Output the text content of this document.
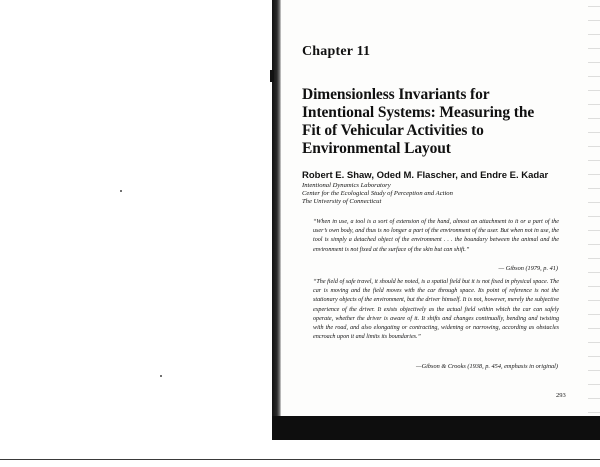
Chapter 11
Dimensionless Invariants for
Intentional Systems: Measuring the
Fit of Vehicular Activities to
Environmental Layout
Robert E. Shaw, Oded M. Flascher, and Endre E. Kadar
Intentional Dynamics Laboratory
Center for the Ecological Study of Perception and Action
The University of Connecticut
“When in use, a tool is a sort of extension of the hand, almost an attachment to it or a part of the user’s own body, and thus is no longer a part of the environment of the user. But when not in use, the tool is simply a detached object of the environment . . . the boundary between the animal and the environment is not fixed at the surface of the skin but can shift.”
— Gibson (1979, p. 41)
“The field of safe travel, it should be noted, is a spatial field but it is not fixed in physical space. The car is moving and the field moves with the car through space. Its point of reference is not the stationary objects of the environment, but the driver himself. It is not, however, merely the subjective experience of the driver. It exists objectively as the actual field within which the car can safely operate, whether the driver is aware of it. It shifts and changes continually, bending and twisting with the road, and also elongating or contracting, widening or narrowing, according as obstacles encroach upon it and limits its boundaries.”
—Gibson & Crooks (1938, p. 454, emphasis in original)
293
